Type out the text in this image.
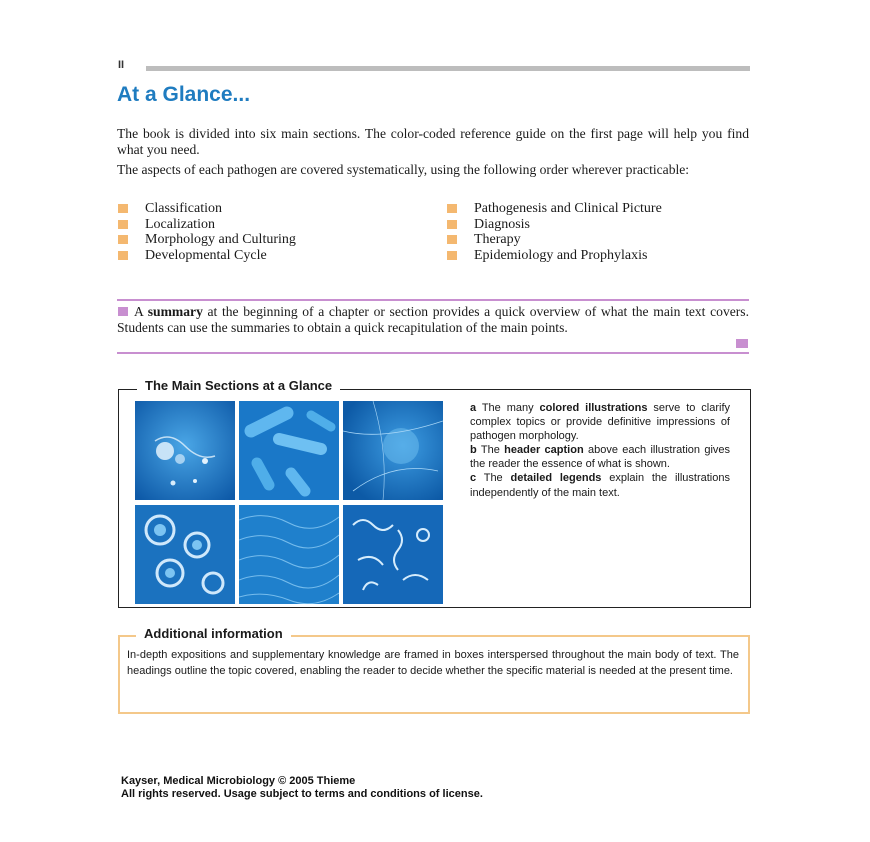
II
At a Glance...

The book is divided into six main sections. The color-coded reference guide on the first page will help you find what you need.

The aspects of each pathogen are covered systematically, using the following order wherever practicable:

Classification
Localization
Morphology and Culturing
Developmental Cycle
Pathogenesis and Clinical Picture
Diagnosis
Therapy
Epidemiology and Prophylaxis

A summary at the beginning of a chapter or section provides a quick overview of what the main text covers. Students can use the summaries to obtain a quick recapitulation of the main points.

The Main Sections at a Glance

a The many colored illustrations serve to clarify complex topics or provide definitive impressions of pathogen morphology.

b The header caption above each illustration gives the reader the essence of what is shown.

c The detailed legends explain the illustrations independently of the main text.

Additional information

In-depth expositions and supplementary knowledge are framed in boxes interspersed throughout the main body of text. The headings outline the topic covered, enabling the reader to decide whether the specific material is needed at the present time.

Kayser, Medical Microbiology © 2005 Thieme

All rights reserved. Usage subject to terms and conditions of license.
